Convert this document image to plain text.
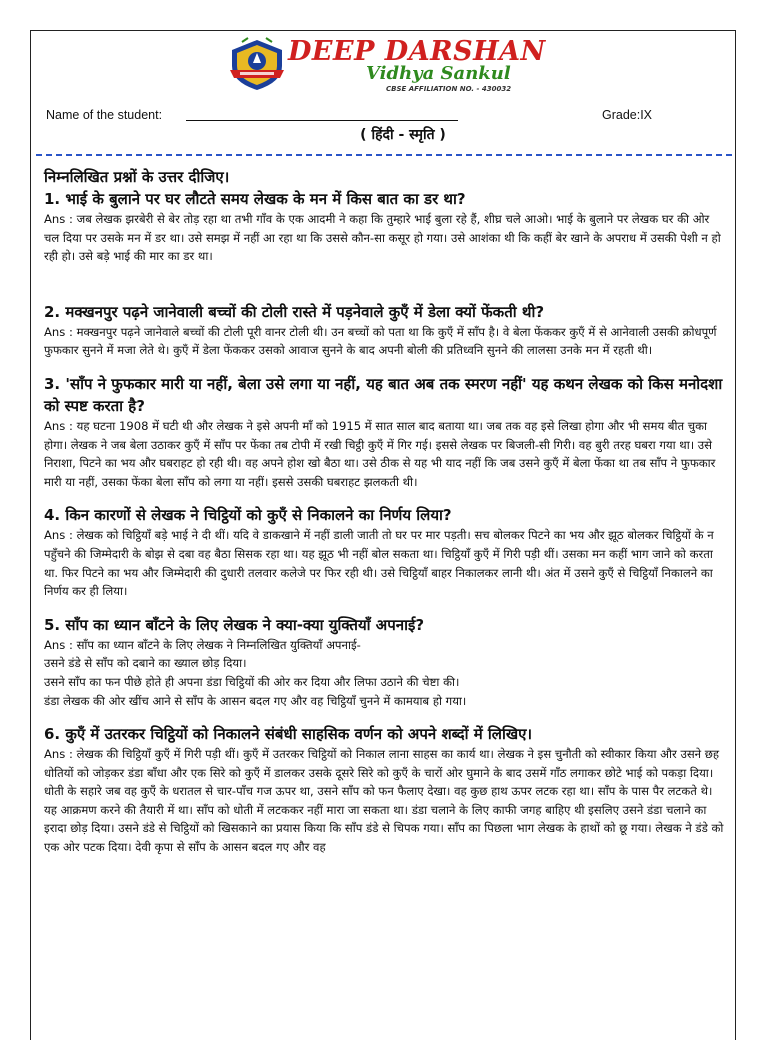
DEEP DARSHAN
Vidhya Sankul
CBSE AFFILIATION NO. - 430032
Name of the student:	Grade:IX
( हिंदी - स्मृति )

निम्नलिखित प्रश्नों के उत्तर दीजिए।

1. भाई के बुलाने पर घर लौटते समय लेखक के मन में किस बात का डर था?

Ans : जब लेखक झरबेरी से बेर तोड़ रहा था तभी गाँव के एक आदमी ने कहा कि तुम्हारे भाई बुला रहे हैं, शीघ्र चले आओ। भाई के बुलाने पर लेखक घर की ओर चल दिया पर उसके मन में डर था। उसे समझ में नहीं आ रहा था कि उससे कौन-सा कसूर हो गया। उसे आशंका थी कि कहीं बेर खाने के अपराध में उसकी पेशी न हो रही हो। उसे बड़े भाई की मार का डर था।

2. मक्खनपुर पढ़ने जानेवाली बच्चों की टोली रास्ते में पड़नेवाले कुएँ में डेला क्यों फेंकती थी?

Ans : मक्खनपुर पढ़ने जानेवाले बच्चों की टोली पूरी वानर टोली थी। उन बच्चों को पता था कि कुएँ में साँप है। वे बेला फेंककर कुएँ में से आनेवाली उसकी क्रोधपूर्ण फुफकार सुनने में मजा लेते थे। कुएँ में डेला फेंककर उसको आवाज सुनने के बाद अपनी बोली की प्रतिध्वनि सुनने की लालसा उनके मन में रहती थी।

3. 'साँप ने फुफकार मारी या नहीं, बेला उसे लगा या नहीं, यह बात अब तक स्मरण नहीं' यह कथन लेखक को किस मनोदशा को स्पष्ट करता है?

Ans : यह घटना 1908 में घटी थी और लेखक ने इसे अपनी माँ को 1915 में सात साल बाद बताया था। जब तक वह इसे लिखा होगा और भी समय बीत चुका होगा। लेखक ने जब बेला उठाकर कुएँ में साँप पर फेंका तब टोपी में रखी चिट्ठी कुएँ में गिर गई। इससे लेखक पर बिजली-सी गिरी। वह बुरी तरह घबरा गया था। उसे निराशा, पिटने का भय और घबराहट हो रही थी। वह अपने होश खो बैठा था। उसे ठीक से यह भी याद नहीं कि जब उसने कुएँ में बेला फेंका था तब साँप ने फुफकार मारी या नहीं, उसका फेंका बेला साँप को लगा या नहीं। इससे उसकी घबराहट झलकती थी।

4. किन कारणों से लेखक ने चिट्ठियों को कुएँ से निकालने का निर्णय लिया?

Ans : लेखक को चिट्ठियाँ बड़े भाई ने दी थीं। यदि वे डाकखाने में नहीं डाली जाती तो घर पर मार पड़ती। सच बोलकर पिटने का भय और झूठ बोलकर चिट्ठियों के न पहुँचने की जिम्मेदारी के बोझ से दबा वह बैठा सिसक रहा था। यह झूठ भी नहीं बोल सकता था। चिट्ठियाँ कुएँ में गिरी पड़ी थीं। उसका मन कहीं भाग जाने को करता था. फिर पिटने का भय और जिम्मेदारी की दुधारी तलवार कलेजे पर फिर रही थी। उसे चिट्ठियाँ बाहर निकालकर लानी थी। अंत में उसने कुएँ से चिट्ठियाँ निकालने का निर्णय कर ही लिया।

5. साँप का ध्यान बाँटने के लिए लेखक ने क्या-क्या युक्तियाँ अपनाई?

Ans : साँप का ध्यान बाँटने के लिए लेखक ने निम्नलिखित युक्तियाँ अपनाई-

उसने डंडे से साँप को दबाने का ख्याल छोड़ दिया।

उसने साँप का फन पीछे होते ही अपना डंडा चिट्ठियों की ओर कर दिया और लिफा उठाने की चेष्टा की।

डंडा लेखक की ओर खींच आने से साँप के आसन बदल गए और वह चिट्ठियाँ चुनने में कामयाब हो गया।

6. कुएँ में उतरकर चिट्ठियों को निकालने संबंधी साहसिक वर्णन को अपने शब्दों में लिखिए।

Ans : लेखक की चिट्ठियाँ कुएँ में गिरी पड़ी थीं। कुएँ में उतरकर चिट्ठियों को निकाल लाना साहस का कार्य था। लेखक ने इस चुनौती को स्वीकार किया और उसने छह धोतियों को जोड़कर डंडा बाँधा और एक सिरे को कुएँ में डालकर उसके दूसरे सिरे को कुएँ के चारों ओर घुमाने के बाद उसमें गाँठ लगाकर छोटे भाई को पकड़ा दिया। धोती के सहारे जब वह कुएँ के धरातल से चार-पाँच गज ऊपर था, उसने साँप को फन फैलाए देखा। वह कुछ हाथ ऊपर लटक रहा था। साँप के पास पैर लटकते थे। यह आक्रमण करने की तैयारी में था। साँप को धोती में लटककर नहीं मारा जा सकता था। डंडा चलाने के लिए काफी जगह बाहिए थी इसलिए उसने डंडा चलाने का इरादा छोड़ दिया। उसने डंडे से चिट्ठियों को खिसकाने का प्रयास किया कि साँप डंडे से चिपक गया। साँप का पिछला भाग लेखक के हाथों को छू गया। लेखक ने डंडे को एक ओर पटक दिया। देवी कृपा से साँप के आसन बदल गए और वह
